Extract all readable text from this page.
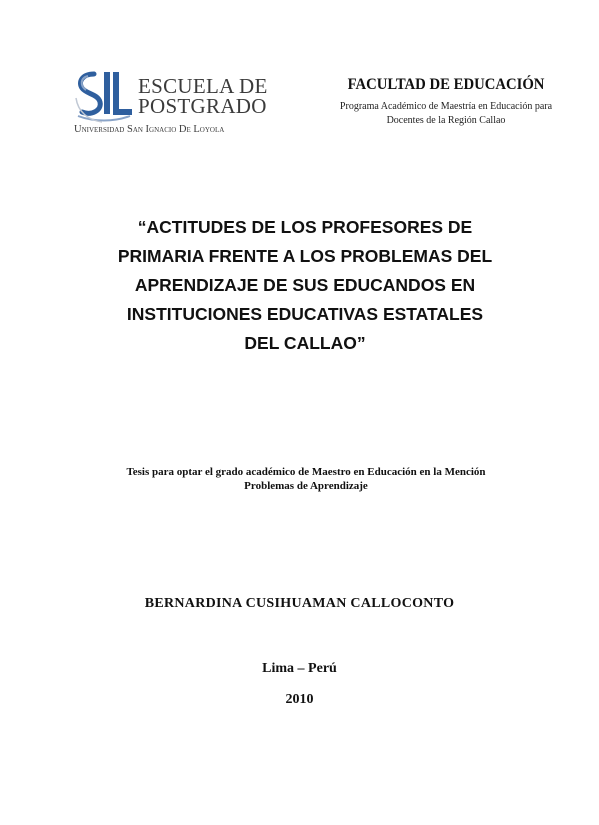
ESCUELA DE
POSTGRADO
Universidad San Ignacio De Loyola
FACULTAD DE EDUCACIÓN
Programa Académico de Maestría en Educación para
Docentes de la Región Callao
“ACTITUDES DE LOS PROFESORES DE
PRIMARIA FRENTE A LOS PROBLEMAS DEL
APRENDIZAJE DE SUS EDUCANDOS EN
INSTITUCIONES EDUCATIVAS ESTATALES
DEL CALLAO”
Tesis para optar el grado académico de Maestro en Educación en la Mención
Problemas de Aprendizaje
BERNARDINA CUSIHUAMAN CALLOCONTO
Lima – Perú
2010
